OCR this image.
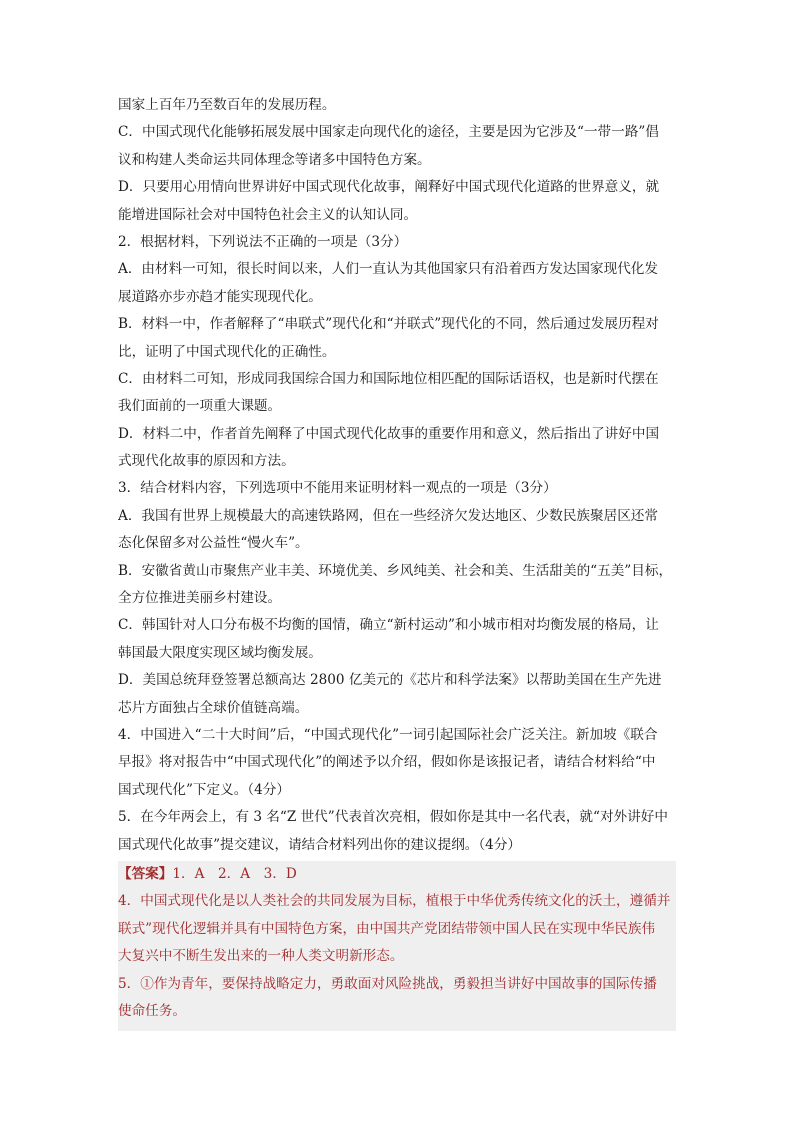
国家上百年乃至数百年的发展历程。
C．中国式现代化能够拓展发展中国家走向现代化的途径，主要是因为它涉及“一带一路”倡
议和构建人类命运共同体理念等诸多中国特色方案。
D．只要用心用情向世界讲好中国式现代化故事，阐释好中国式现代化道路的世界意义，就
能增进国际社会对中国特色社会主义的认知认同。
2．根据材料，下列说法不正确的一项是（3分）
A．由材料一可知，很长时间以来，人们一直认为其他国家只有沿着西方发达国家现代化发
展道路亦步亦趋才能实现现代化。
B．材料一中，作者解释了“串联式”现代化和“并联式”现代化的不同，然后通过发展历程对
比，证明了中国式现代化的正确性。
C．由材料二可知，形成同我国综合国力和国际地位相匹配的国际话语权，也是新时代摆在
我们面前的一项重大课题。
D．材料二中，作者首先阐释了中国式现代化故事的重要作用和意义，然后指出了讲好中国
式现代化故事的原因和方法。
3．结合材料内容，下列选项中不能用来证明材料一观点的一项是（3分）
A．我国有世界上规模最大的高速铁路网，但在一些经济欠发达地区、少数民族聚居区还常
态化保留多对公益性“慢火车”。
B．安徽省黄山市聚焦产业丰美、环境优美、乡风纯美、社会和美、生活甜美的“五美”目标，
全方位推进美丽乡村建设。
C．韩国针对人口分布极不均衡的国情，确立“新村运动”和小城市相对均衡发展的格局，让
韩国最大限度实现区域均衡发展。
D．美国总统拜登签署总额高达 2800 亿美元的《芯片和科学法案》以帮助美国在生产先进
芯片方面独占全球价值链高端。
4．中国进入“二十大时间”后，“中国式现代化”一词引起国际社会广泛关注。新加坡《联合
早报》将对报告中“中国式现代化”的阐述予以介绍，假如你是该报记者，请结合材料给“中
国式现代化”下定义。（4分）
5．在今年两会上，有 3 名“Z 世代”代表首次亮相，假如你是其中一名代表，就“对外讲好中
国式现代化故事”提交建议，请结合材料列出你的建议提纲。（4分）
【答案】1．A　2．A　3．D
4．中国式现代化是以人类社会的共同发展为目标，植根于中华优秀传统文化的沃土，遵循并
联式”现代化逻辑并具有中国特色方案，由中国共产党团结带领中国人民在实现中华民族伟
大复兴中不断生发出来的一种人类文明新形态。
5．①作为青年，要保持战略定力，勇敢面对风险挑战，勇毅担当讲好中国故事的国际传播
使命任务。
